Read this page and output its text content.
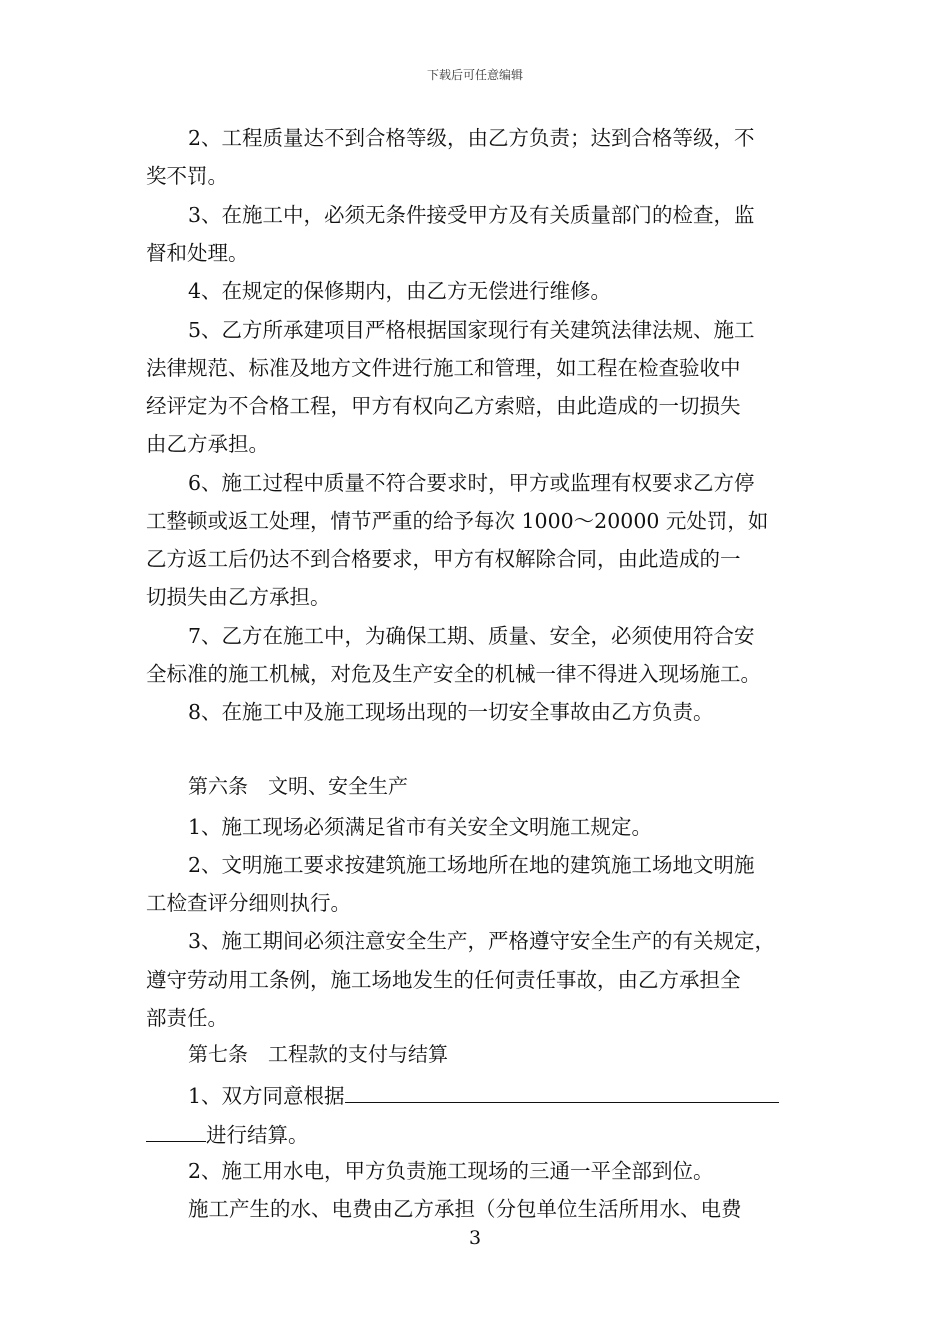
下载后可任意编辑
2、工程质量达不到合格等级，由乙方负责；达到合格等级，不
奖不罚。
3、在施工中，必须无条件接受甲方及有关质量部门的检查，监
督和处理。
4、在规定的保修期内，由乙方无偿进行维修。
5、乙方所承建项目严格根据国家现行有关建筑法律法规、施工
法律规范、标准及地方文件进行施工和管理，如工程在检查验收中
经评定为不合格工程，甲方有权向乙方索赔，由此造成的一切损失
由乙方承担。
6、施工过程中质量不符合要求时，甲方或监理有权要求乙方停
工整顿或返工处理，情节严重的给予每次 1000～20000 元处罚，如
乙方返工后仍达不到合格要求，甲方有权解除合同，由此造成的一
切损失由乙方承担。
7、乙方在施工中，为确保工期、质量、安全，必须使用符合安
全标准的施工机械，对危及生产安全的机械一律不得进入现场施工。
8、在施工中及施工现场出现的一切安全事故由乙方负责。
第六条　文明、安全生产
1、施工现场必须满足省市有关安全文明施工规定。
2、文明施工要求按建筑施工场地所在地的建筑施工场地文明施
工检查评分细则执行。
3、施工期间必须注意安全生产，严格遵守安全生产的有关规定，
遵守劳动用工条例，施工场地发生的任何责任事故，由乙方承担全
部责任。
第七条　工程款的支付与结算
1、双方同意根据
进行结算。
2、施工用水电，甲方负责施工现场的三通一平全部到位。
施工产生的水、电费由乙方承担（分包单位生活所用水、电费
3
